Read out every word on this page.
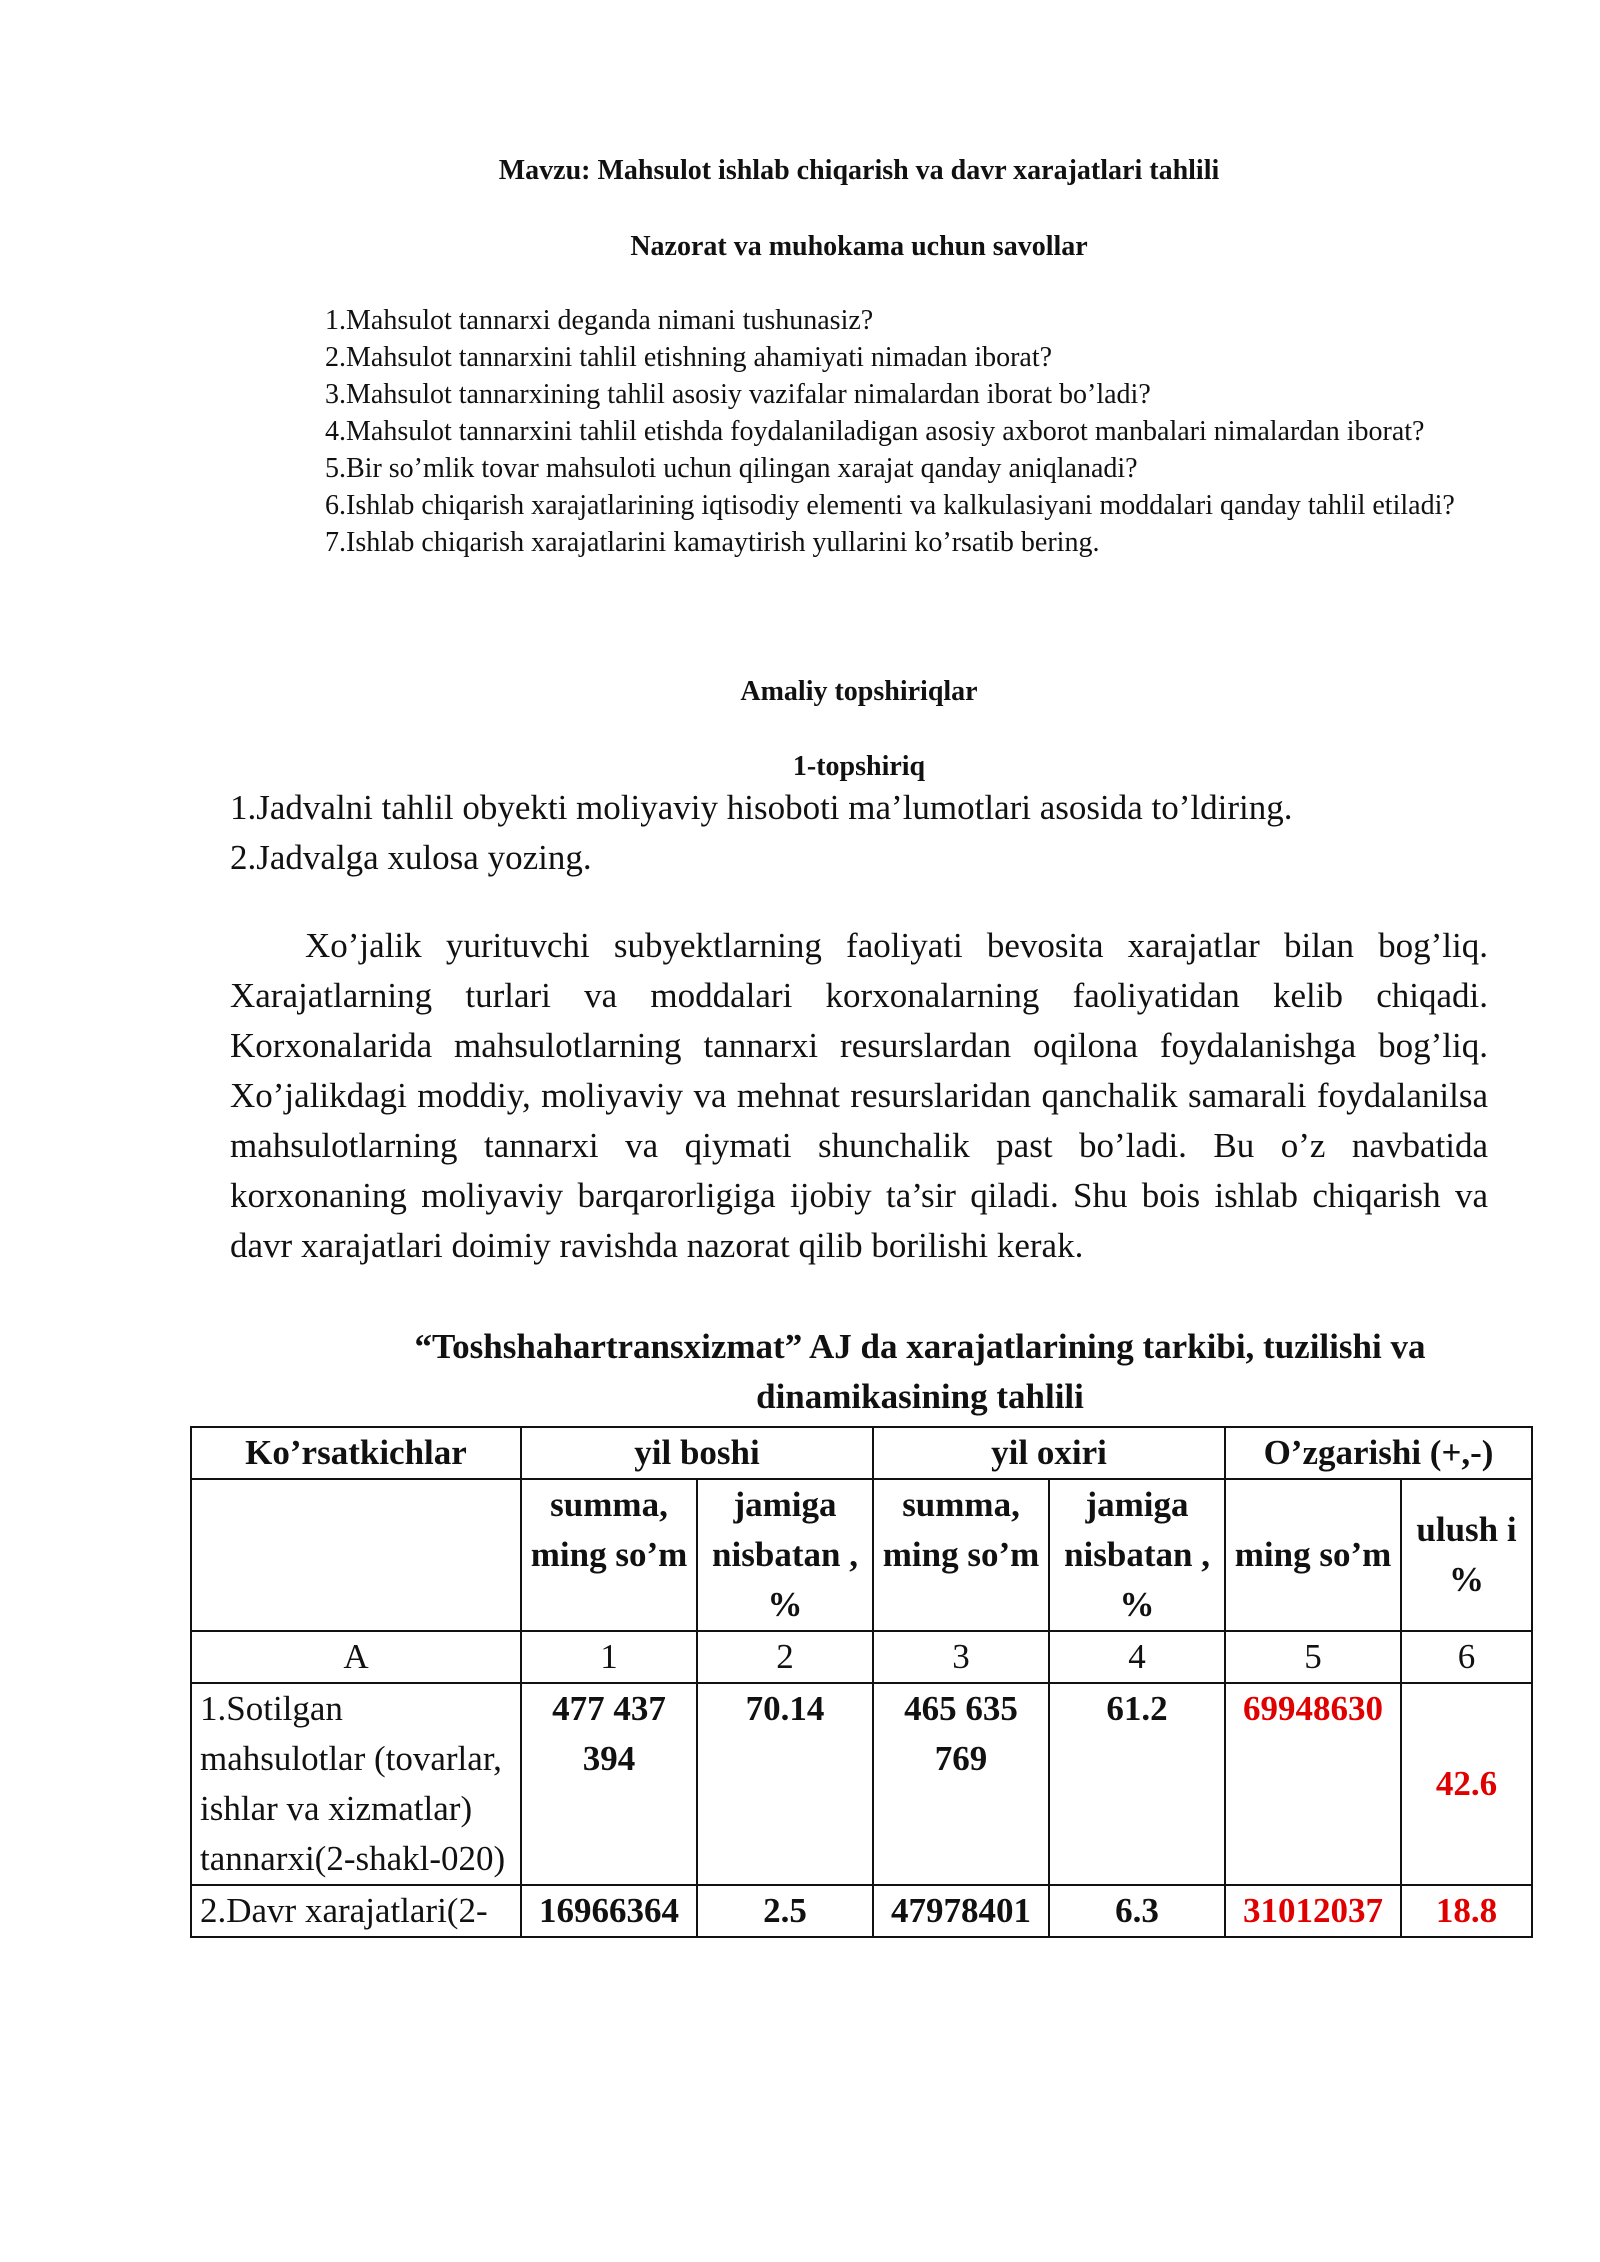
Mavzu: Mahsulot ishlab chiqarish va davr xarajatlari tahlili
Nazorat va muhokama uchun savollar

1.Mahsulot tannarxi deganda nimani tushunasiz?

2.Mahsulot tannarxini tahlil etishning ahamiyati nimadan iborat?

3.Mahsulot tannarxining tahlil asosiy vazifalar nimalardan iborat bo’ladi?

4.Mahsulot tannarxini tahlil etishda foydalaniladigan asosiy axborot manbalari nimalardan iborat?

5.Bir so’mlik tovar mahsuloti uchun qilingan xarajat qanday aniqlanadi?

6.Ishlab chiqarish xarajatlarining iqtisodiy elementi va kalkulasiyani moddalari qanday tahlil etiladi?

7.Ishlab chiqarish xarajatlarini kamaytirish yullarini ko’rsatib bering.

Amaliy topshiriqlar
1-topshiriq
1.Jadvalni tahlil obyekti moliyaviy hisoboti ma’lumotlari asosida to’ldiring.
2.Jadvalga xulosa yozing.

Xo’jalik yurituvchi subyektlarning faoliyati bevosita xarajatlar bilan bog’liq. Xarajatlarning turlari va moddalari korxonalarning faoliyatidan kelib chiqadi. Korxonalarida mahsulotlarning tannarxi resurslardan oqilona foydalanishga bog’liq. Xo’jalikdagi moddiy, moliyaviy va mehnat resurslaridan qanchalik samarali foydalanilsa mahsulotlarning tannarxi va qiymati shunchalik past bo’ladi. Bu o’z navbatida korxonaning moliyaviy barqarorligiga ijobiy ta’sir qiladi. Shu bois ishlab chiqarish va davr xarajatlari doimiy ravishda nazorat qilib borilishi kerak.

“Toshshahartransxizmat” AJ da xarajatlarining tarkibi, tuzilishi va dinamikasining tahlili
Ko’rsatkichlar	yil boshi		yil oxiri		O’zgarishi (+,-)	
	summa, ming so’m	jamiga nisbatan , %	summa, ming so’m	jamiga nisbatan , %	ming so’m	ulush i %
A	1	2	3	4	5	6
1.Sotilgan mahsulotlar (tovarlar, ishlar va xizmatlar) tannarxi(2-shakl-020)	477 437 394	70.14	465 635 769	61.2	69948630	42.6
2.Davr xarajatlari(2-	16966364	2.5	47978401	6.3	31012037	18.8
